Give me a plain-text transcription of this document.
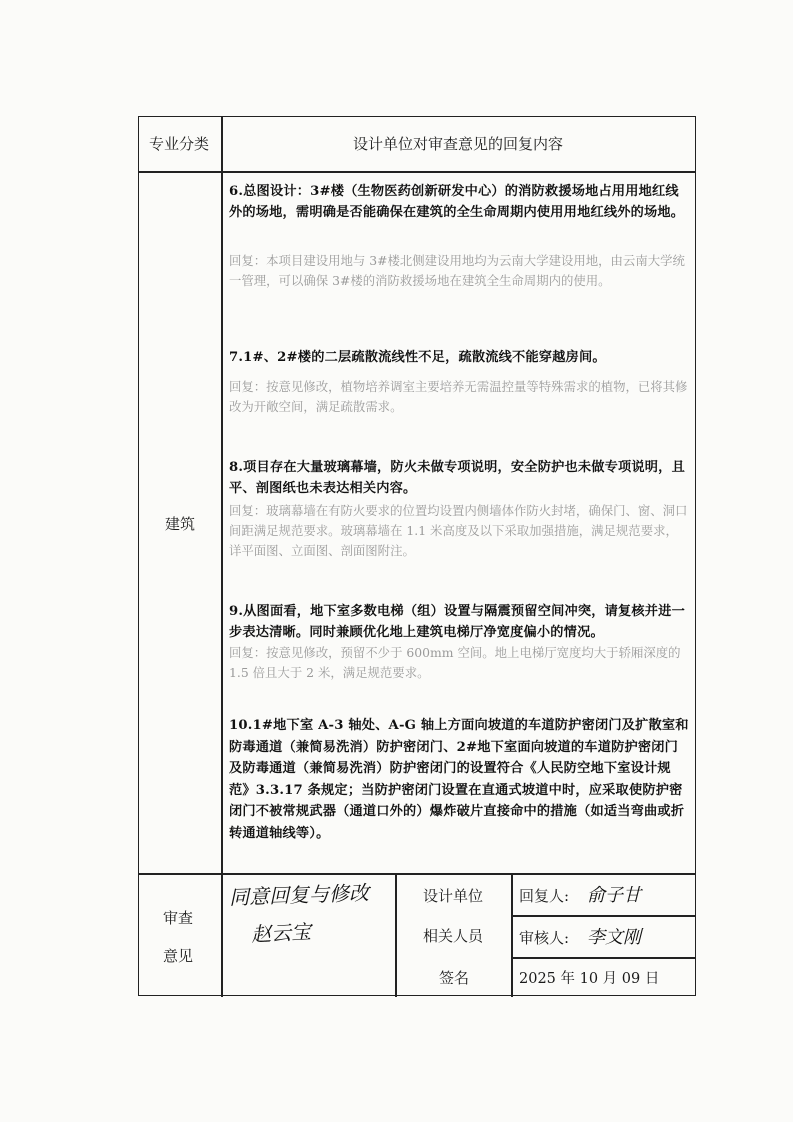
专业分类	设计单位对审查意见的回复内容
建筑
6.总图设计：3#楼（生物医药创新研发中心）的消防救援场地占用用地红线外的场地，需明确是否能确保在建筑的全生命周期内使用用地红线外的场地。
回复：本项目建设用地与 3#楼北侧建设用地均为云南大学建设用地，由云南大学统一管理，可以确保 3#楼的消防救援场地在建筑全生命周期内的使用。
7.1#、2#楼的二层疏散流线性不足，疏散流线不能穿越房间。
回复：按意见修改，植物培养调室主要培养无需温控量等特殊需求的植物，已将其修改为开敞空间，满足疏散需求。
8.项目存在大量玻璃幕墙，防火未做专项说明，安全防护也未做专项说明，且平、剖图纸也未表达相关内容。
回复：玻璃幕墙在有防火要求的位置均设置内侧墙体作防火封堵，确保门、窗、洞口间距满足规范要求。玻璃幕墙在 1.1 米高度及以下采取加强措施，满足规范要求，详平面图、立面图、剖面图附注。
9.从图面看，地下室多数电梯（组）设置与隔震预留空间冲突，请复核并进一步表达清晰。同时兼顾优化地上建筑电梯厅净宽度偏小的情况。
回复：按意见修改，预留不少于 600mm 空间。地上电梯厅宽度均大于轿厢深度的 1.5 倍且大于 2 米，满足规范要求。
10.1#地下室 A-3 轴处、A-G 轴上方面向坡道的车道防护密闭门及扩散室和防毒通道（兼简易洗消）防护密闭门、2#地下室面向坡道的车道防护密闭门及防毒通道（兼简易洗消）防护密闭门的设置符合《人民防空地下室设计规范》3.3.17 条规定；当防护密闭门设置在直通式坡道中时，应采取使防护密闭门不被常规武器（通道口外的）爆炸破片直接命中的措施（如适当弯曲或折转通道轴线等）。
审查
意见
同意回复与修改
赵云宝
设计单位
相关人员
签名
回复人: 俞子甘
审核人: 李文刚
2025 年 10 月 09 日
